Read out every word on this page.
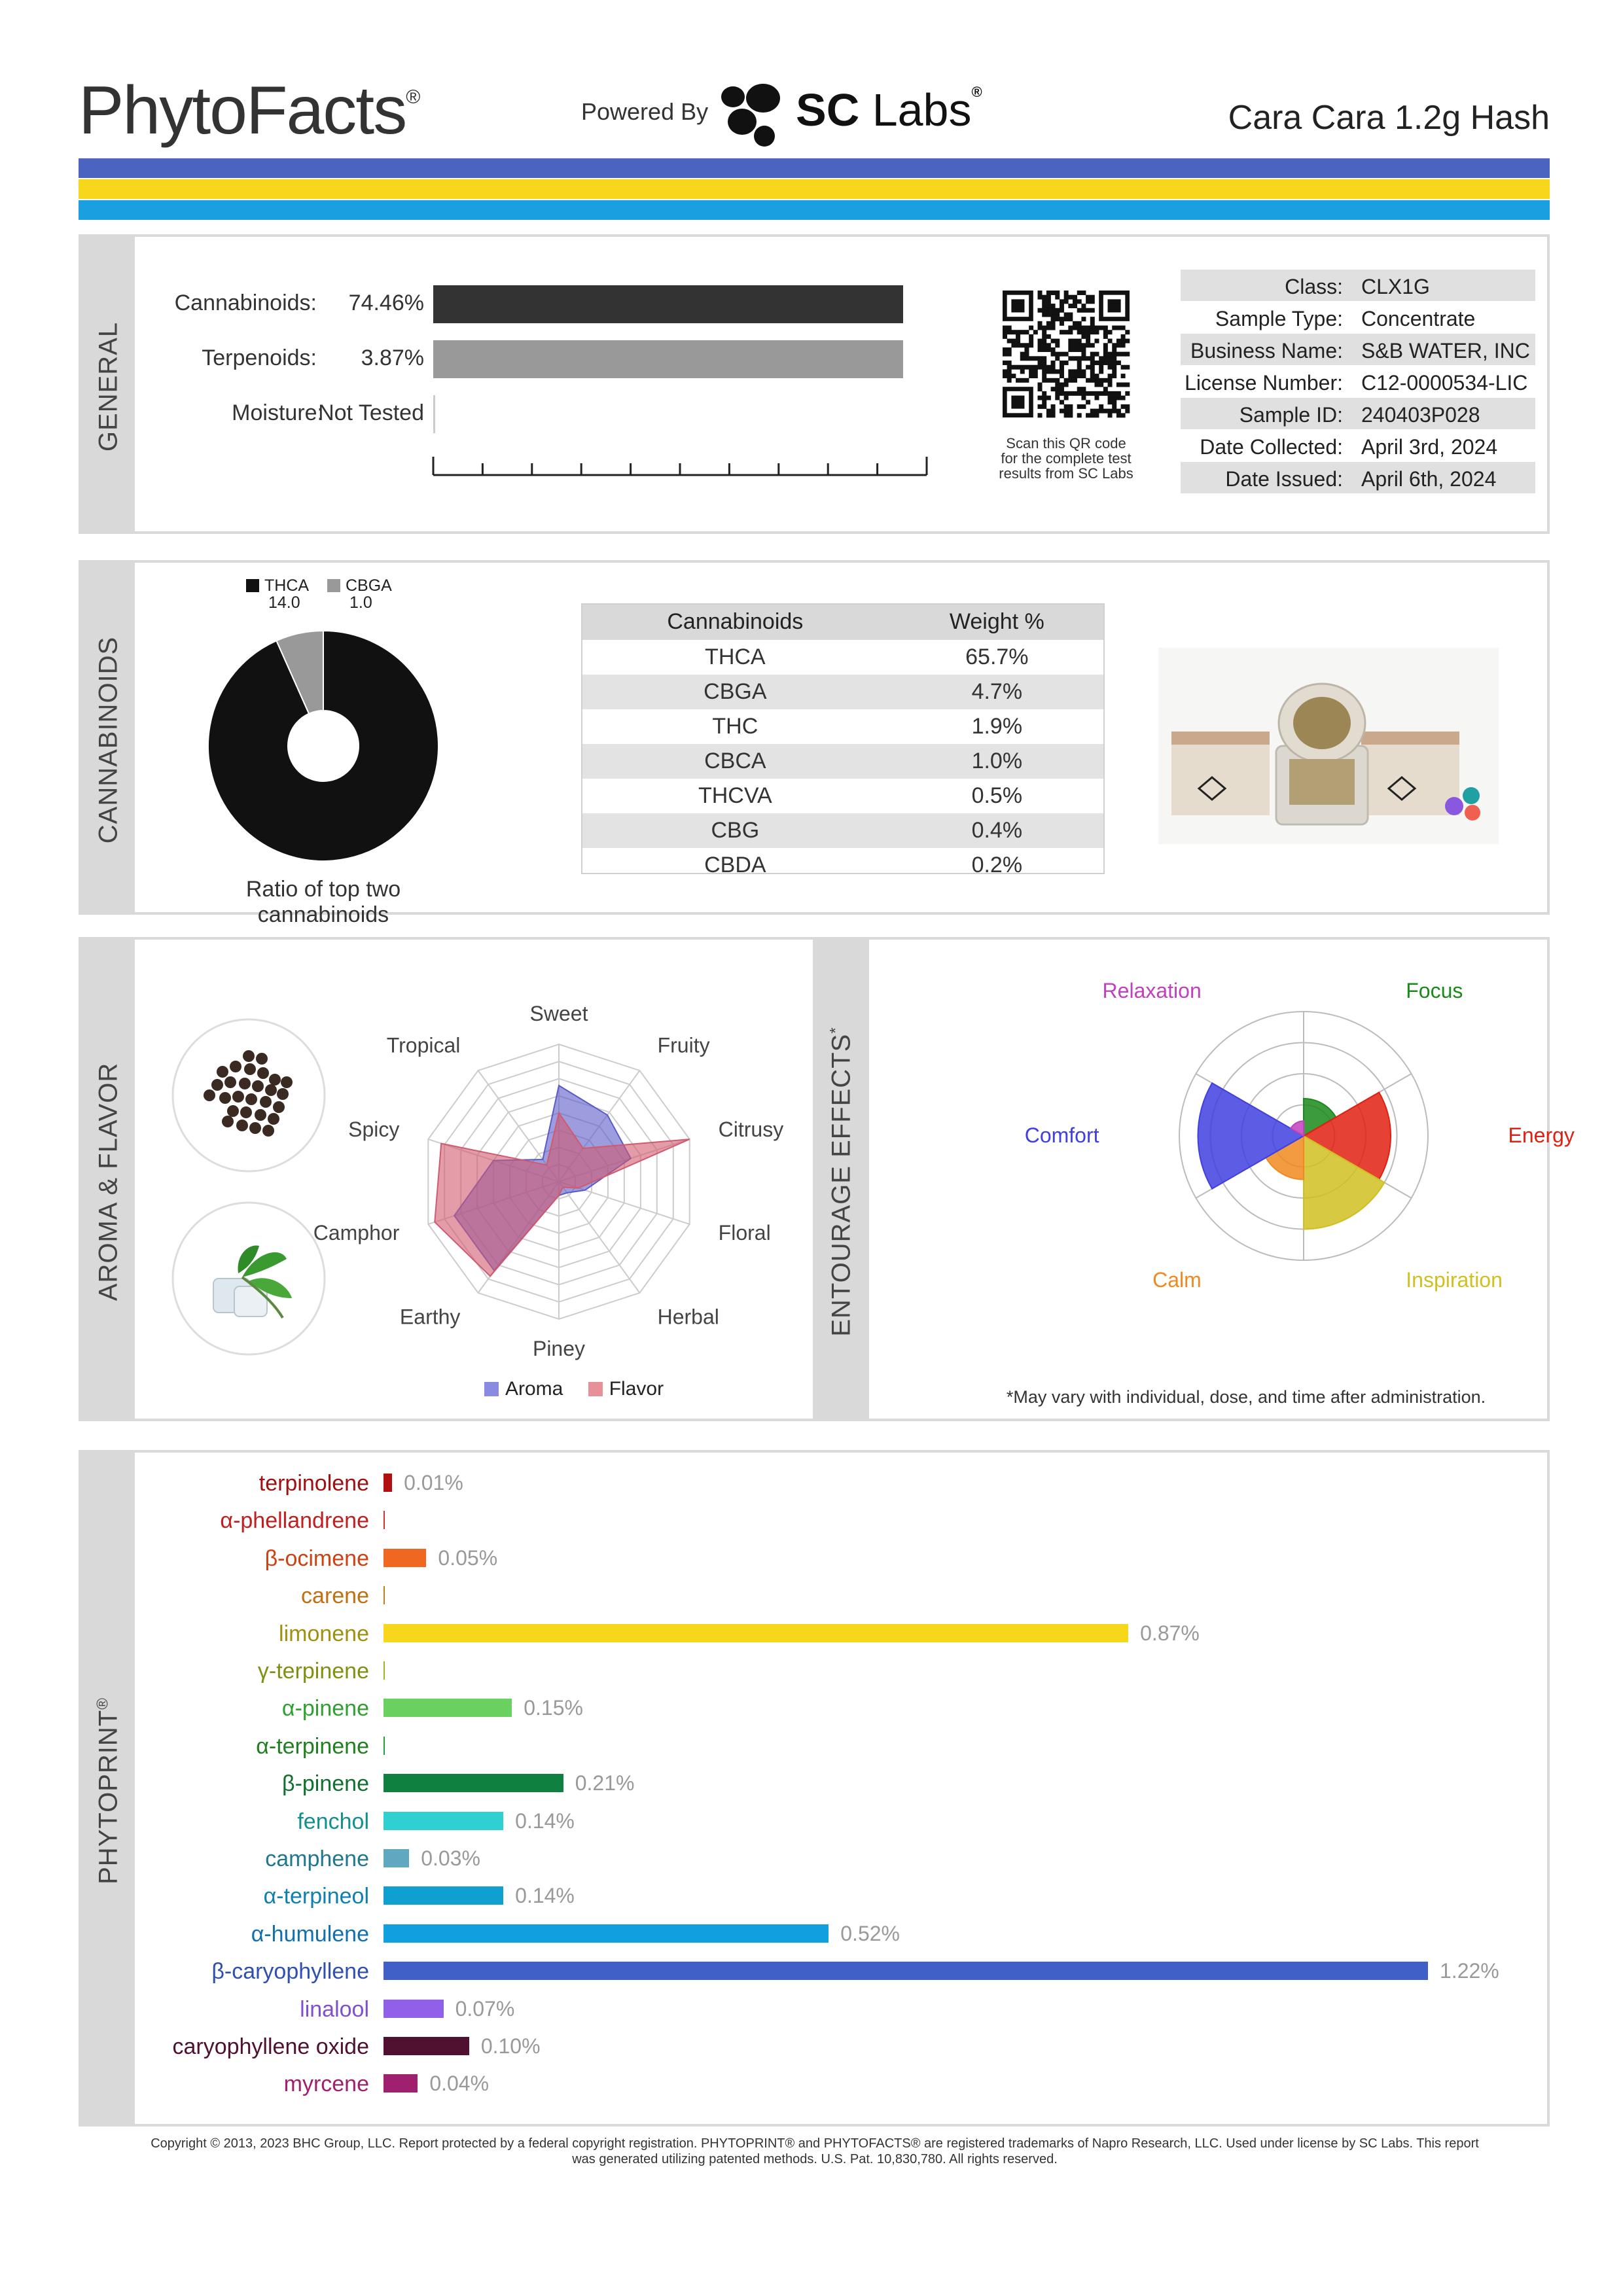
PhytoFacts®
Powered By SC Labs®
Cara Cara 1.2g Hash
GENERAL
Cannabinoids: 74.46%
Terpenoids: 3.87%
Moisture:
Not Tested
Scan this QR code
for the complete test
results from SC Labs
Class: CLX1G
Sample Type: Concentrate
Business Name: S&B WATER, INC
License Number: C12-0000534-LIC
Sample ID: 240403P028
Date Collected: April 3rd, 2024
Date Issued: April 6th, 2024
CANNABINOIDS
THCA
14.0
CBGA
1.0
Ratio of top two cannabinoids
Cannabinoids	Weight %
THCA	65.7%
CBGA	4.7%
THC	1.9%
CBCA	1.0%
THCVA	0.5%
CBG	0.4%
CBDA	0.2%
AROMA & FLAVOR
Sweet
Fruity
Citrusy
Floral
Herbal
Piney
Earthy
Camphor
Spicy
Tropical
Aroma Flavor
ENTOURAGE EFFECTS*
Focus
Energy
Inspiration
Calm
Comfort
Relaxation
*May vary with individual, dose, and time after administration.
PHYTOPRINT®
terpinolene 0.01%
α-phellandrene
β-ocimene	0.05%
carene
limonene	0.87%
γ-terpinene
α-pinene	0.15%
α-terpinene
β-pinene	0.21%
fenchol	0.14%
camphene 0.03%
α-terpineol	0.14%
α-humulene	0.52%
β-caryophyllene	1.22%
linalool	0.07%
caryophyllene oxide	0.10%
myrcene	0.04%
Copyright © 2013, 2023 BHC Group, LLC. Report protected by a federal copyright registration. PHYTOPRINT® and PHYTOFACTS® are registered trademarks of Napro Research, LLC. Used under license by SC Labs. This report
was generated utilizing patented methods. U.S. Pat. 10,830,780. All rights reserved.
